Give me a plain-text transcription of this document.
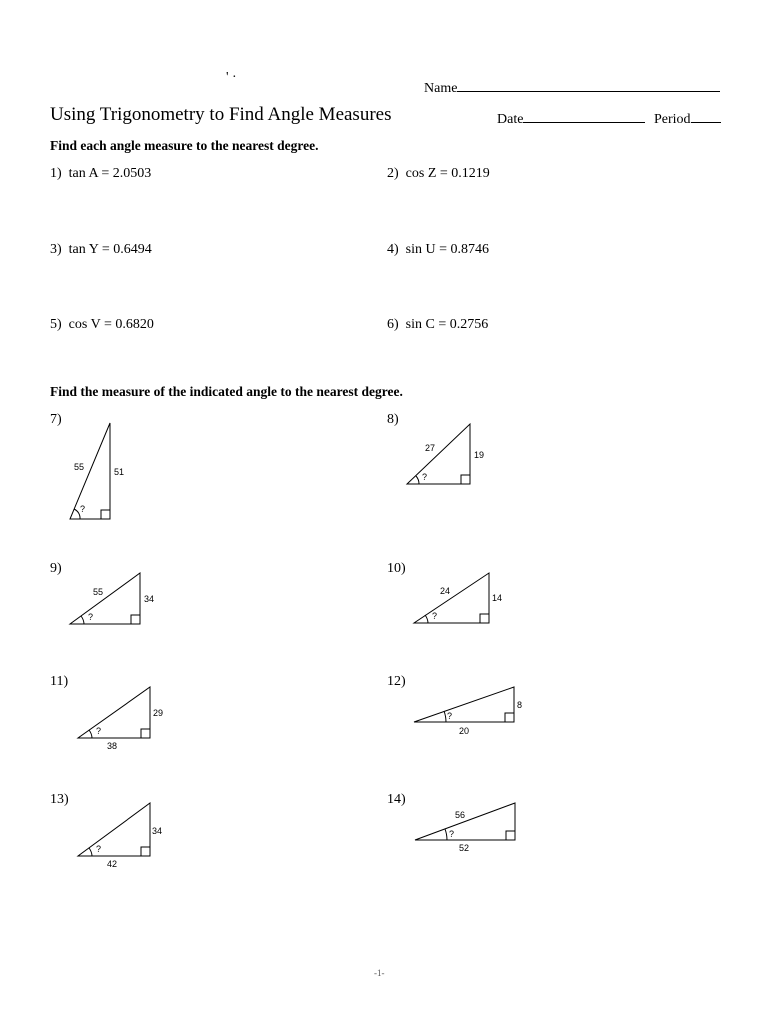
' ·
Name
Using Trigonometry to Find Angle Measures	Date	Period
Find each angle measure to the nearest degree.
1) tan A = 2.0503	2) cos Z = 0.1219
3) tan Y = 0.6494	4) sin U = 0.8746
5) cos V = 0.6820	6) sin C = 0.2756
Find the measure of the indicated angle to the nearest degree.
7)
55	51
?
8)
27
19
?
9)
55
34
?
10)
24
14
?
11)
29
38
?
12)
8
20
?
13)
34
42
?
14)
56
52
?
-1-
